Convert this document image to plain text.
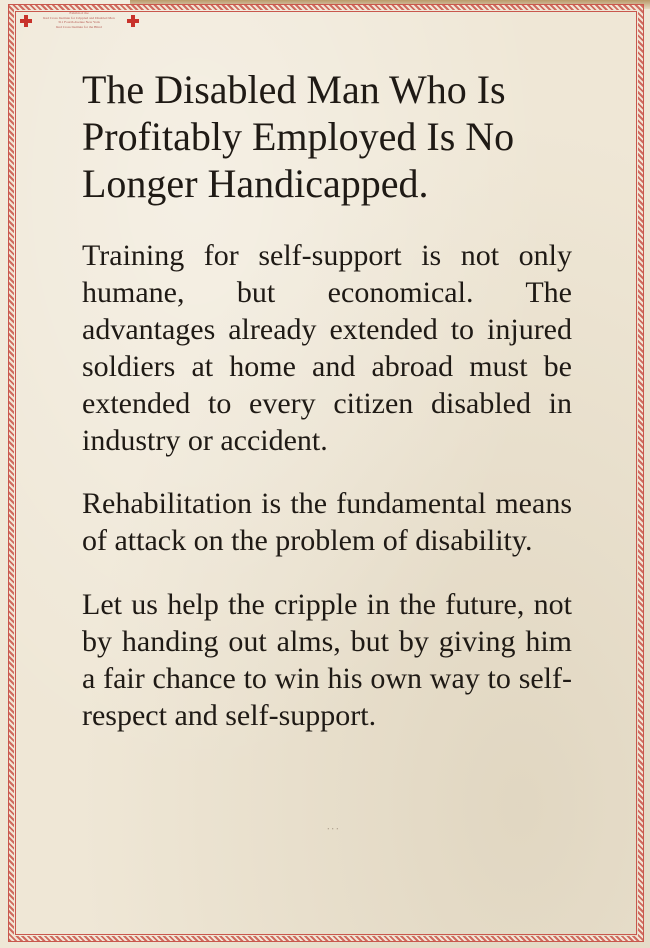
Exhibit of the
Red Cross Institute for Crippled and Disabled Men
311 Fourth Avenue New York
Red Cross Institute for the Blind
The Disabled Man Who Is Profitably Employed Is No Longer Handicapped.

Training for self-support is not only humane, but economical. The advantages already extended to injured soldiers at home and abroad must be extended to every citizen disabled in industry or accident.

Rehabilitation is the fundamental means of attack on the problem of disability.

Let us help the cripple in the future, not by handing out alms, but by giving him a fair chance to win his own way to self-respect and self-support.

⋆ ⋆ ⋆
